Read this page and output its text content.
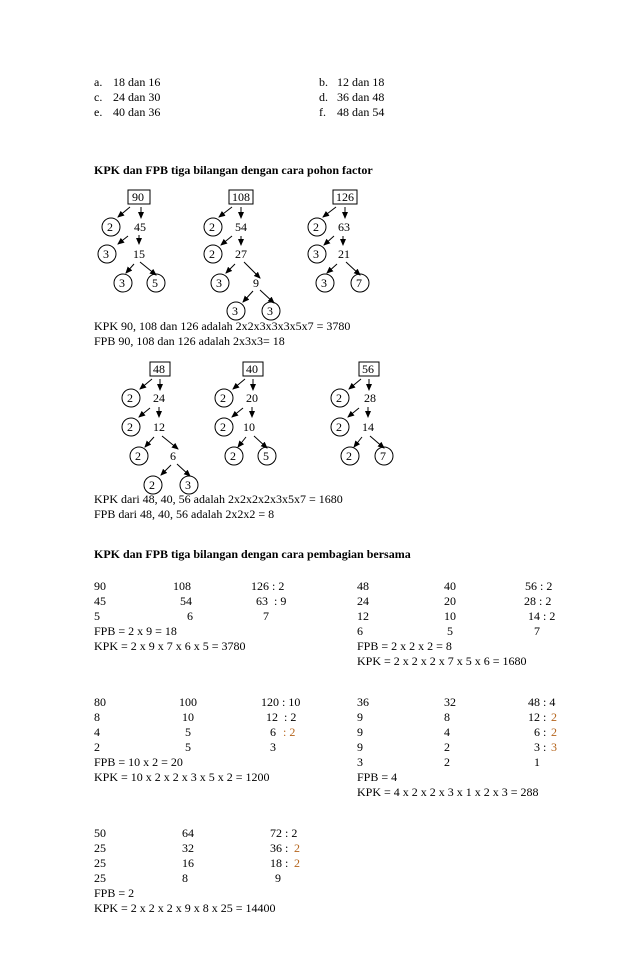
a. 18 dan 16	b. 12 dan 18
c. 24 dan 30	d. 36 dan 48
e. 40 dan 36	f. 48 dan 54
KPK dan FPB tiga bilangan dengan cara pohon factor
90
2 45
3 15
3 5
108
2 54
2 27
3	9
3 3
126
2 63
3 21
3 7
48
2 24
2 12
2 6
2	3
40
2 20
2 10
2 5
56
2 28
2 14
2 7
KPK 90, 108 dan 126 adalah 2x2x3x3x3x5x7 = 3780
FPB 90, 108 dan 126 adalah 2x3x3= 18
KPK dari 48, 40, 56 adalah 2x2x2x2x3x5x7 = 1680
FPB dari 48, 40, 56 adalah 2x2x2 = 8
KPK dan FPB tiga bilangan dengan cara pembagian bersama
90	108	126 : 2
45	54	63  : 9
5	6	7
FPB = 2 x 9 = 18
KPK = 2 x 9 x 7 x 6 x 5 = 3780
48	40	56 : 2
24	20	28 : 2
12	10	14 : 2
6	5	7
FPB = 2 x 2 x 2 = 8
KPK = 2 x 2 x 2 x 7 x 5 x 6 = 1680
80	100	120 : 10
8	10	12  : 2
4	5	6 : 2
2	5	3
FPB = 10 x 2 = 20
KPK = 10 x 2 x 2 x 3 x 5 x 2 = 1200
36	32	48 : 4
9	8	12 : 2
9	4	6 : 2
9	2	3 : 3
3	2	1
FPB = 4
KPK = 4 x 2 x 2 x 3 x 1 x 2 x 3 = 288
50	64	72 : 2
25	32	36 : 2
25	16	18 : 2
25	8	9
FPB = 2
KPK = 2 x 2 x 2 x 9 x 8 x 25 = 14400
